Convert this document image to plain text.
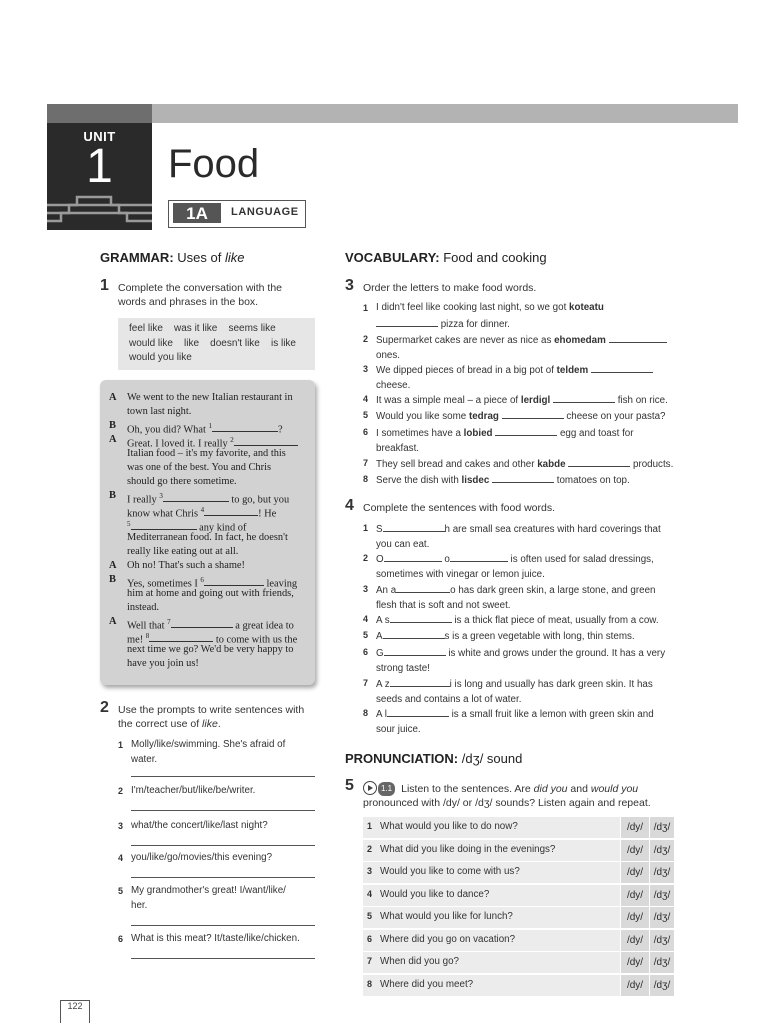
UNIT
1	Food
1A	LANGUAGE
GRAMMAR: Uses of like
1 Complete the conversation with the
words and phrases in the box.
feel like    was it like    seems like
would like    like    doesn't like    is like
would you like
A We went to the new Italian restaurant in
town last night.
B Oh, you did? What $^1$	?
A Great. I loved it. I really $^2$
Italian food – it's my favorite, and this
was one of the best. You and Chris
should go there sometime.
B I really $^3$	to go, but you
know what Chris $^4$	! He
$^5$	any kind of
Mediterranean food. In fact, he doesn't
really like eating out at all.
A Oh no! That's such a shame!
B Yes, sometimes I $^6$	leaving
him at home and going out with friends,
instead.
A Well that $^7$	a great idea to
me! $^8$	to come with us the
next time we go? We'd be very happy to
have you join us!
2 Use the prompts to write sentences with
the correct use of like.
1 Molly/like/swimming. She's afraid of
water.
2 I'm/teacher/but/like/be/writer.
3 what/the concert/like/last night?
4 you/like/go/movies/this evening?
5 My grandmother's great! I/want/like/
her.
6 What is this meat? It/taste/like/chicken.
VOCABULARY: Food and cooking
3 Order the letters to make food words.
1 I didn't feel like cooking last night, so we got koteatu
pizza for dinner.
2 Supermarket cakes are never as nice as ehomedam
ones.
3 We dipped pieces of bread in a big pot of teldem
cheese.
4 It was a simple meal – a piece of lerdigl	fish on rice.
5 Would you like some tedrag	cheese on your pasta?
6 I sometimes have a lobied	egg and toast for
breakfast.
7 They sell bread and cakes and other kabde	products.
8 Serve the dish with lisdec	tomatoes on top.
4 Complete the sentences with food words.
1 S	h are small sea creatures with hard coverings that
you can eat.
2 O	o	is often used for salad dressings,
sometimes with vinegar or lemon juice.
3 An a	o has dark green skin, a large stone, and green
flesh that is soft and not sweet.
4 A s	is a thick flat piece of meat, usually from a cow.
5 A	s is a green vegetable with long, thin stems.
6 G	is white and grows under the ground. It has a very
strong taste!
7 A z	i is long and usually has dark green skin. It has
seeds and contains a lot of water.
8 A l	is a small fruit like a lemon with green skin and
sour juice.
PRONUNCIATION: /dʒ/ sound
5	1.1 Listen to the sentences. Are did you and would you
pronounced with /dy/ or /dʒ/ sounds? Listen again and repeat.
1 What would you like to do now?	/dy/	/dʒ/
2 What did you like doing in the evenings?	/dy/	/dʒ/
3 Would you like to come with us?	/dy/	/dʒ/
4 Would you like to dance?	/dy/	/dʒ/
5 What would you like for lunch?	/dy/	/dʒ/
6 Where did you go on vacation?	/dy/	/dʒ/
7 When did you go?	/dy/	/dʒ/
8 Where did you meet?	/dy/	/dʒ/
122
